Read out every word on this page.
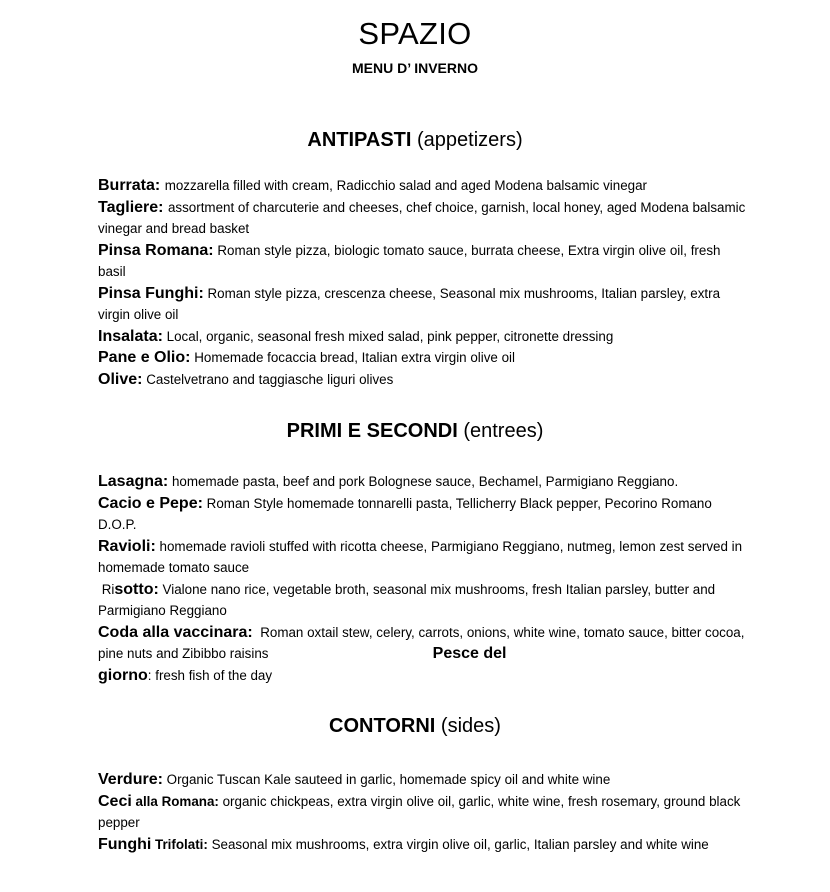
SPAZIO
MENU D’ INVERNO
ANTIPASTI (appetizers)

Burrata: mozzarella filled with cream, Radicchio salad and aged Modena balsamic vinegar

Tagliere: assortment of charcuterie and cheeses, chef choice, garnish, local honey, aged Modena balsamic vinegar and bread basket

Pinsa Romana: Roman style pizza, biologic tomato sauce, burrata cheese, Extra virgin olive oil, fresh basil

Pinsa Funghi: Roman style pizza, crescenza cheese, Seasonal mix mushrooms, Italian parsley, extra virgin olive oil

Insalata: Local, organic, seasonal fresh mixed salad, pink pepper, citronette dressing

Pane e Olio: Homemade focaccia bread, Italian extra virgin olive oil

Olive: Castelvetrano and taggiasche liguri olives

PRIMI E SECONDI (entrees)

Lasagna: homemade pasta, beef and pork Bolognese sauce, Bechamel, Parmigiano Reggiano.

Cacio e Pepe: Roman Style homemade tonnarelli pasta, Tellicherry Black pepper, Pecorino Romano D.O.P.

Ravioli: homemade ravioli stuffed with ricotta cheese, Parmigiano Reggiano, nutmeg, lemon zest served in homemade tomato sauce

Risotto: Vialone nano rice, vegetable broth, seasonal mix mushrooms, fresh Italian parsley, butter and Parmigiano Reggiano

Coda alla vaccinara: Roman oxtail stew, celery, carrots, onions, white wine, tomato sauce, bitter cocoa, pine nuts and Zibibbo raisins	Pesce del

giorno: fresh fish of the day

CONTORNI (sides)

Verdure: Organic Tuscan Kale sauteed in garlic, homemade spicy oil and white wine

Ceci alla Romana: organic chickpeas, extra virgin olive oil, garlic, white wine, fresh rosemary, ground black pepper

Funghi Trifolati: Seasonal mix mushrooms, extra virgin olive oil, garlic, Italian parsley and white wine
